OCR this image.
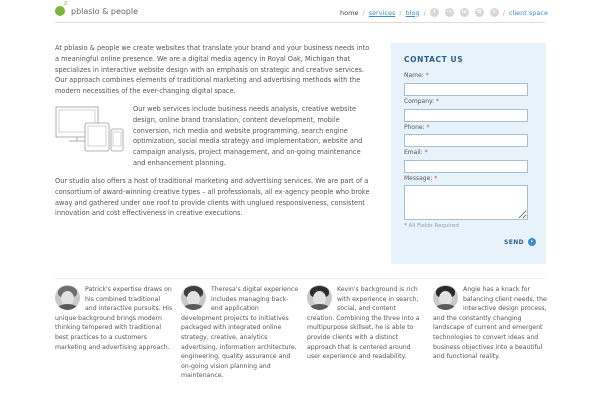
2
pblasio & people	home / services / blog /	f	••	in	◘	t	/ client space

At pblasio & people we create websites that translate your brand and your business needs into a meaningful online presence. We are a digital media agency in Royal Oak, Michigan that specializes in interactive website design with an emphasis on strategic and creative services. Our approach combines elements of traditional marketing and advertising methods with the modern necessities of the ever-changing digital space.

Our web services include business needs analysis, creative website design, online brand translation, content development, mobile conversion, rich media and website programming, search engine optimization, social media strategy and implementation, website and campaign analysis, project management, and on-going maintenance and enhancement planning.

Our studio also offers a host of traditional marketing and advertising services. We are part of a consortium of award-winning creative types – all professionals, all ex-agency people who broke away and gathered under one roof to provide clients with unglued responsiveness, consistent innovation and cost effectiveness in creative executions.

CONTACT US
Name: *
Company: *
Phone: *
Email: *
Message: *
* All Fields Required
SEND	›
Patrick's expertise draws on his combined traditional and interactive pursuits. His unique background brings modern thinking tempered with traditional best practices to a customers marketing and advertising approach.
Theresa's digital experience includes managing back-end application development projects to initiatives packaged with integrated online strategy, creative, analytics advertising, information architecture, engineering, quality assurance and on-going vision planning and maintenance.
Kevin's background is rich with experience in search, social, and content creation. Combining the three into a multipurpose skillset, he is able to provide clients with a distinct approach that is centered around user experience and readability.
Angie has a knack for balancing client needs, the interactive design process, and the constantly changing landscape of current and emergent technologies to convert ideas and business objectives into a beautiful and functional reality.
